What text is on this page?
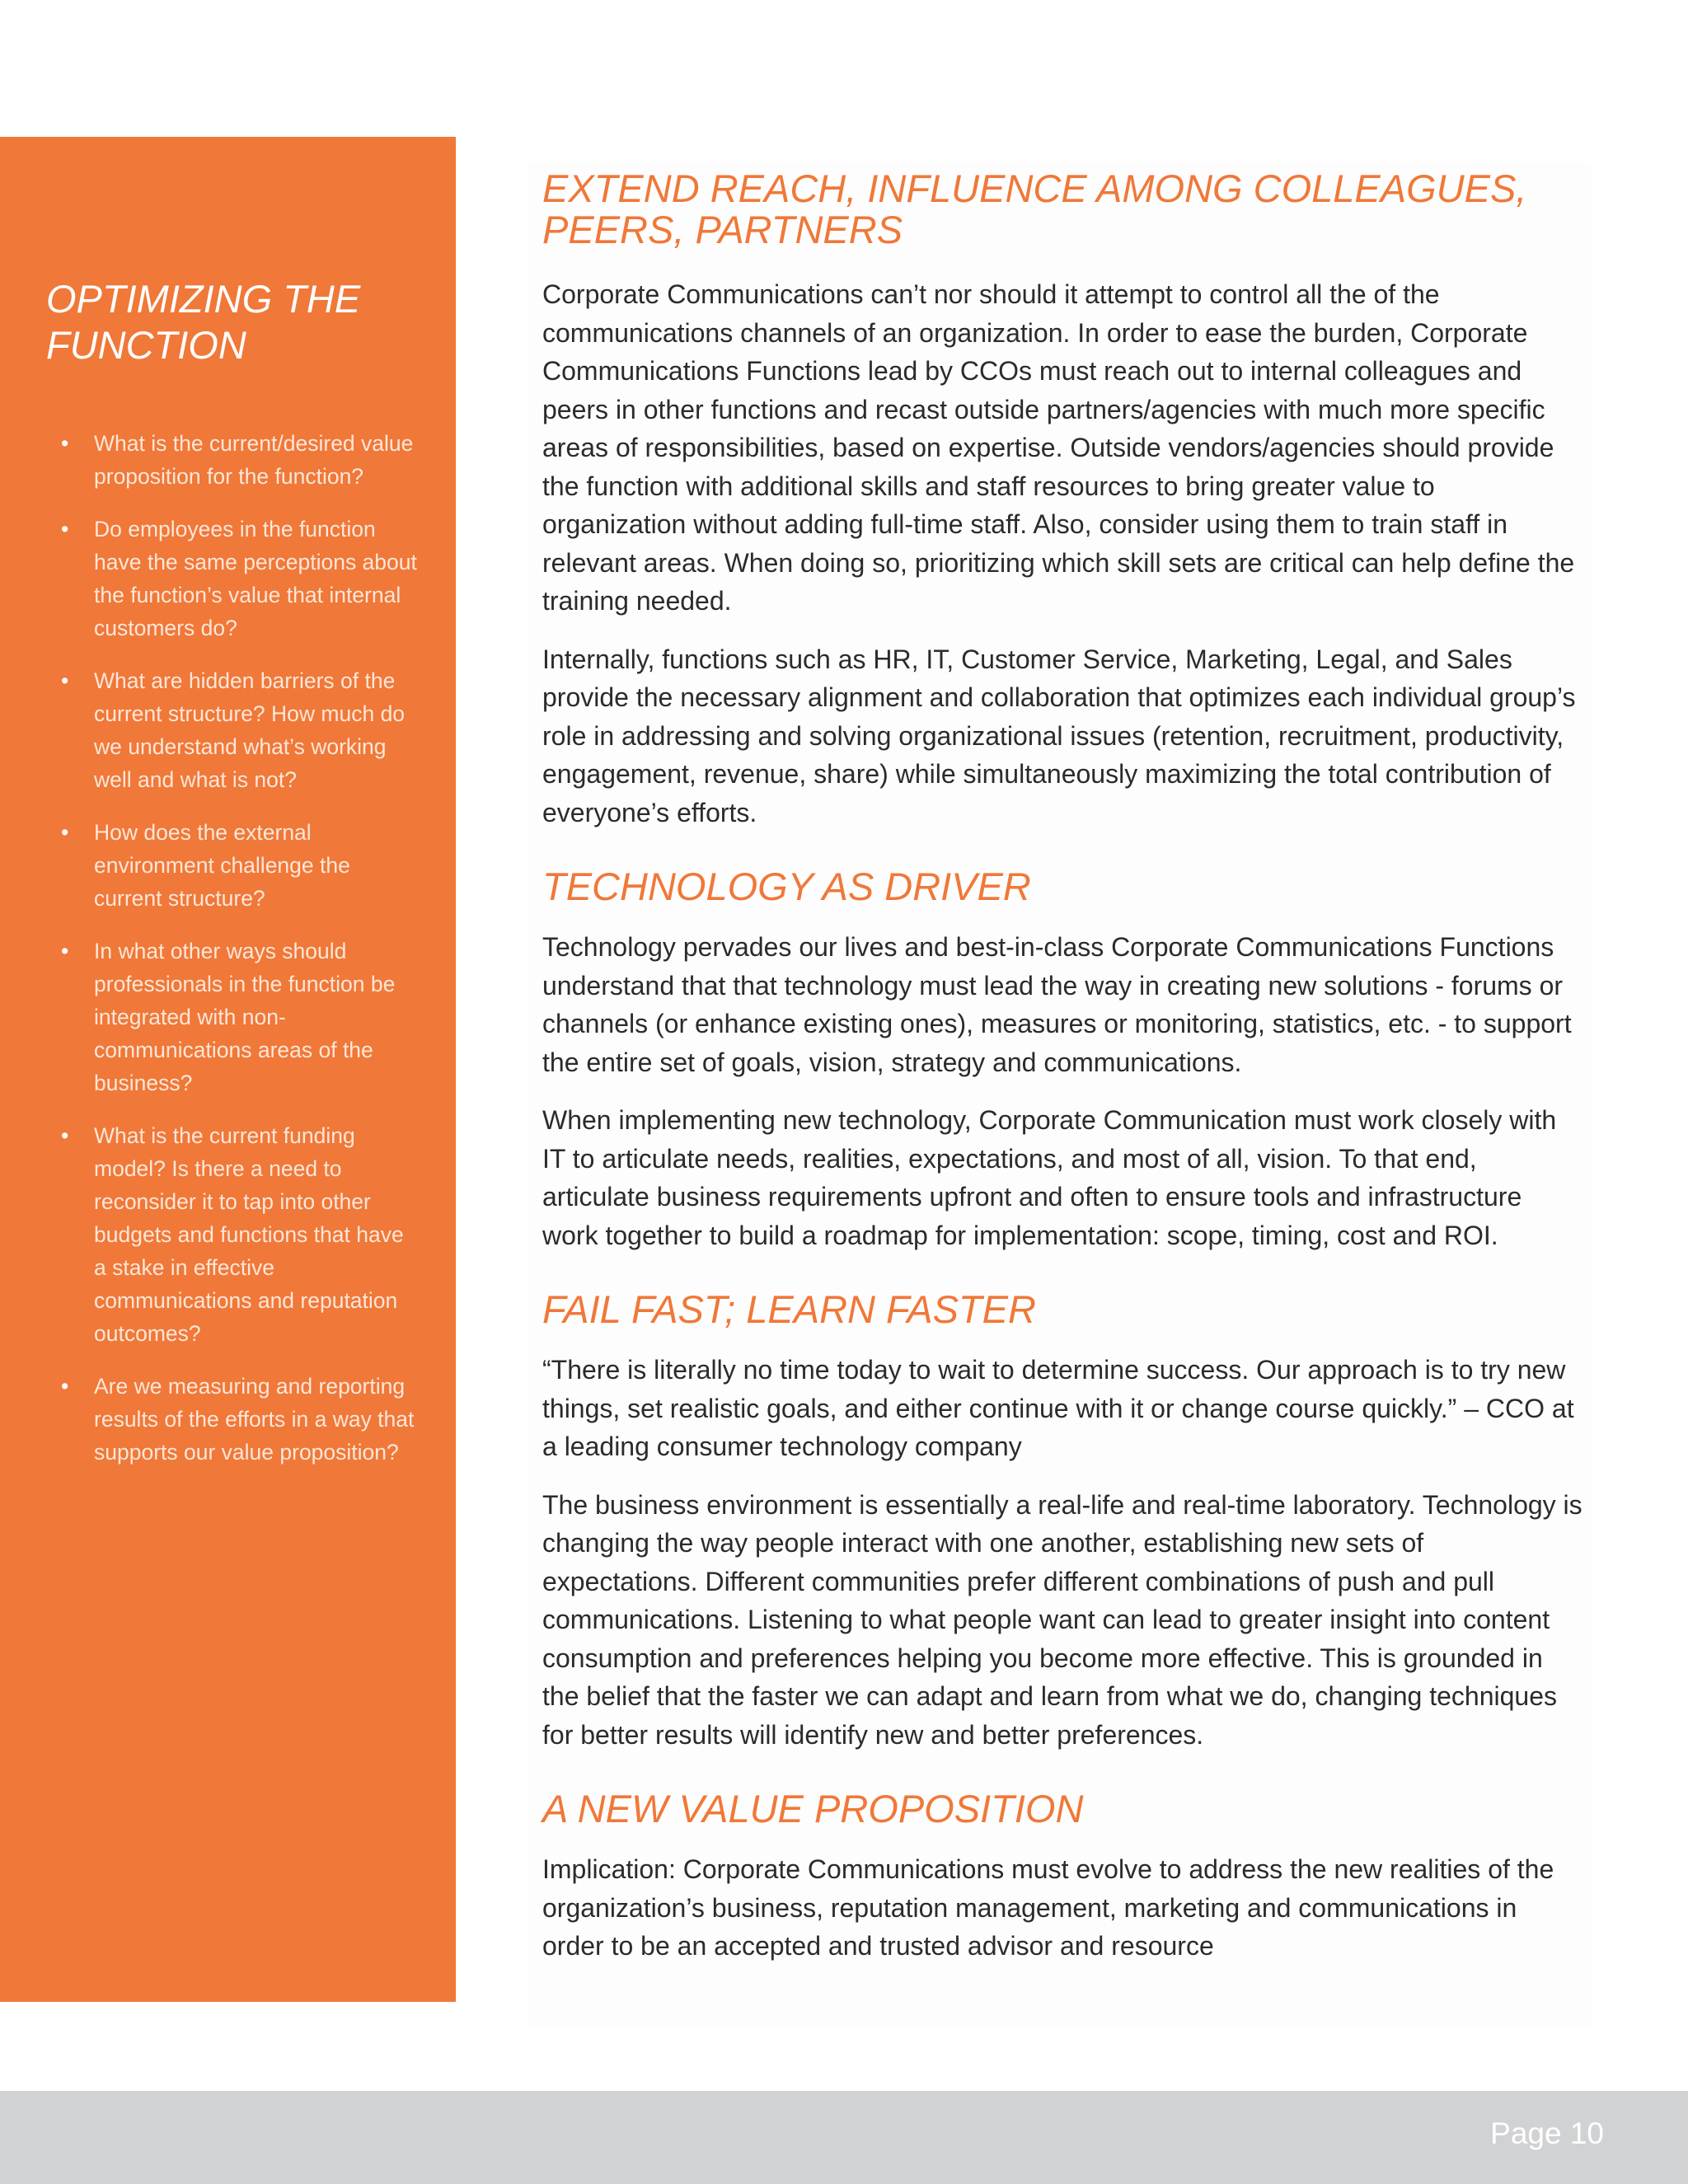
OPTIMIZING THE FUNCTION
• What is the current/desired value proposition for the function?
• Do employees in the function have the same perceptions about the function’s value that internal customers do?
• What are hidden barriers of the current structure? How much do we understand what’s working well and what is not?
• How does the external environment challenge the current structure?
• In what other ways should professionals in the function be integrated with non-communications areas of the business?
• What is the current funding model? Is there a need to reconsider it to tap into other budgets and functions that have a stake in effective communications and reputation outcomes?
• Are we measuring and reporting results of the efforts in a way that supports our value proposition?
EXTEND REACH, INFLUENCE AMONG COLLEAGUES, PEERS, PARTNERS

Corporate Communications can’t nor should it attempt to control all the of the communications channels of an organization. In order to ease the burden, Corporate Communications Functions lead by CCOs must reach out to internal colleagues and peers in other functions and recast outside partners/agencies with much more specific areas of responsibilities, based on expertise. Outside vendors/agencies should provide the function with additional skills and staff resources to bring greater value to organization without adding full-time staff. Also, consider using them to train staff in relevant areas. When doing so, prioritizing which skill sets are critical can help define the training needed.

Internally, functions such as HR, IT, Customer Service, Marketing, Legal, and Sales provide the necessary alignment and collaboration that optimizes each individual group’s role in addressing and solving organizational issues (retention, recruitment, productivity, engagement, revenue, share) while simultaneously maximizing the total contribution of everyone’s efforts.

TECHNOLOGY AS DRIVER

Technology pervades our lives and best-in-class Corporate Communications Functions understand that that technology must lead the way in creating new solutions - forums or channels (or enhance existing ones), measures or monitoring, statistics, etc. - to support the entire set of goals, vision, strategy and communications.

When implementing new technology, Corporate Communication must work closely with IT to articulate needs, realities, expectations, and most of all, vision. To that end, articulate business requirements upfront and often to ensure tools and infrastructure work together to build a roadmap for implementation: scope, timing, cost and ROI.

FAIL FAST; LEARN FASTER

“There is literally no time today to wait to determine success. Our approach is to try new things, set realistic goals, and either continue with it or change course quickly.” – CCO at a leading consumer technology company

The business environment is essentially a real-life and real-time laboratory. Technology is changing the way people interact with one another, establishing new sets of expectations. Different communities prefer different combinations of push and pull communications. Listening to what people want can lead to greater insight into content consumption and preferences helping you become more effective. This is grounded in the belief that the faster we can adapt and learn from what we do, changing techniques for better results will identify new and better preferences.

A NEW VALUE PROPOSITION

Implication: Corporate Communications must evolve to address the new realities of the organization’s business, reputation management, marketing and communications in order to be an accepted and trusted advisor and resource

Page 10
